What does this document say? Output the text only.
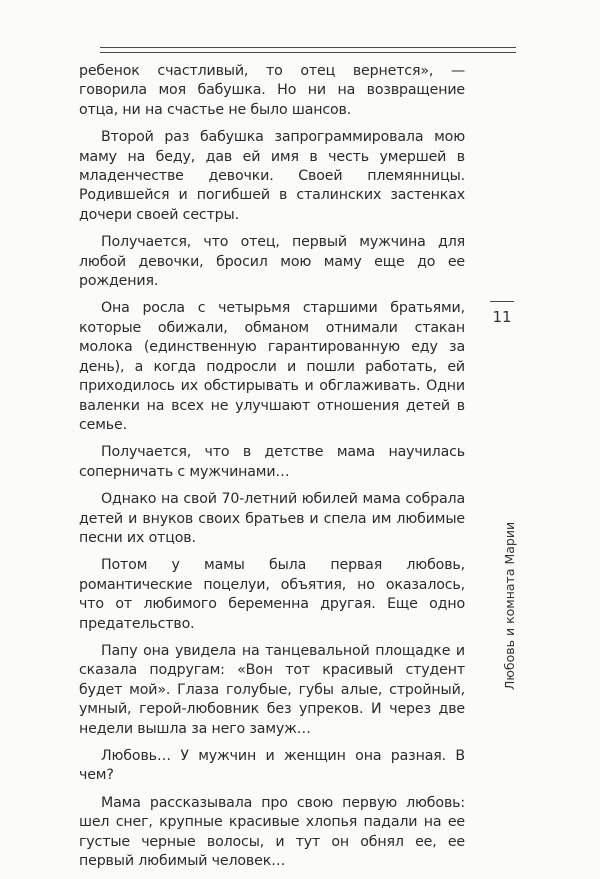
ребенок счастливый, то отец вернется», — говорила моя бабушка. Но ни на возвращение отца, ни на счастье не было шансов.

Второй раз бабушка запрограммировала мою маму на беду, дав ей имя в честь умершей в младенчестве девочки. Своей племянницы. Родившейся и погибшей в сталинских застенках дочери своей сестры.

Получается, что отец, первый мужчина для любой девочки, бросил мою маму еще до ее рождения.

Она росла с четырьмя старшими братьями, которые обижали, обманом отнимали стакан молока (единственную гарантированную еду за день), а когда подросли и пошли работать, ей приходилось их обстирывать и обглаживать. Одни валенки на всех не улучшают отношения детей в семье.

Получается, что в детстве мама научилась соперничать с мужчинами…

Однако на свой 70-летний юбилей мама собрала детей и внуков своих братьев и спела им любимые песни их отцов.

Потом у мамы была первая любовь, романтические поцелуи, объятия, но оказалось, что от любимого беременна другая. Еще одно предательство.

Папу она увидела на танцевальной площадке и сказала подругам: «Вон тот красивый студент будет мой». Глаза голубые, губы алые, стройный, умный, герой-любовник без упреков. И через две недели вышла за него замуж…

Любовь… У мужчин и женщин она разная. В чем?

Мама рассказывала про свою первую любовь: шел снег, крупные красивые хлопья падали на ее густые черные волосы, и тут он обнял ее, ее первый любимый человек…

11
Любовь и комната Марии
